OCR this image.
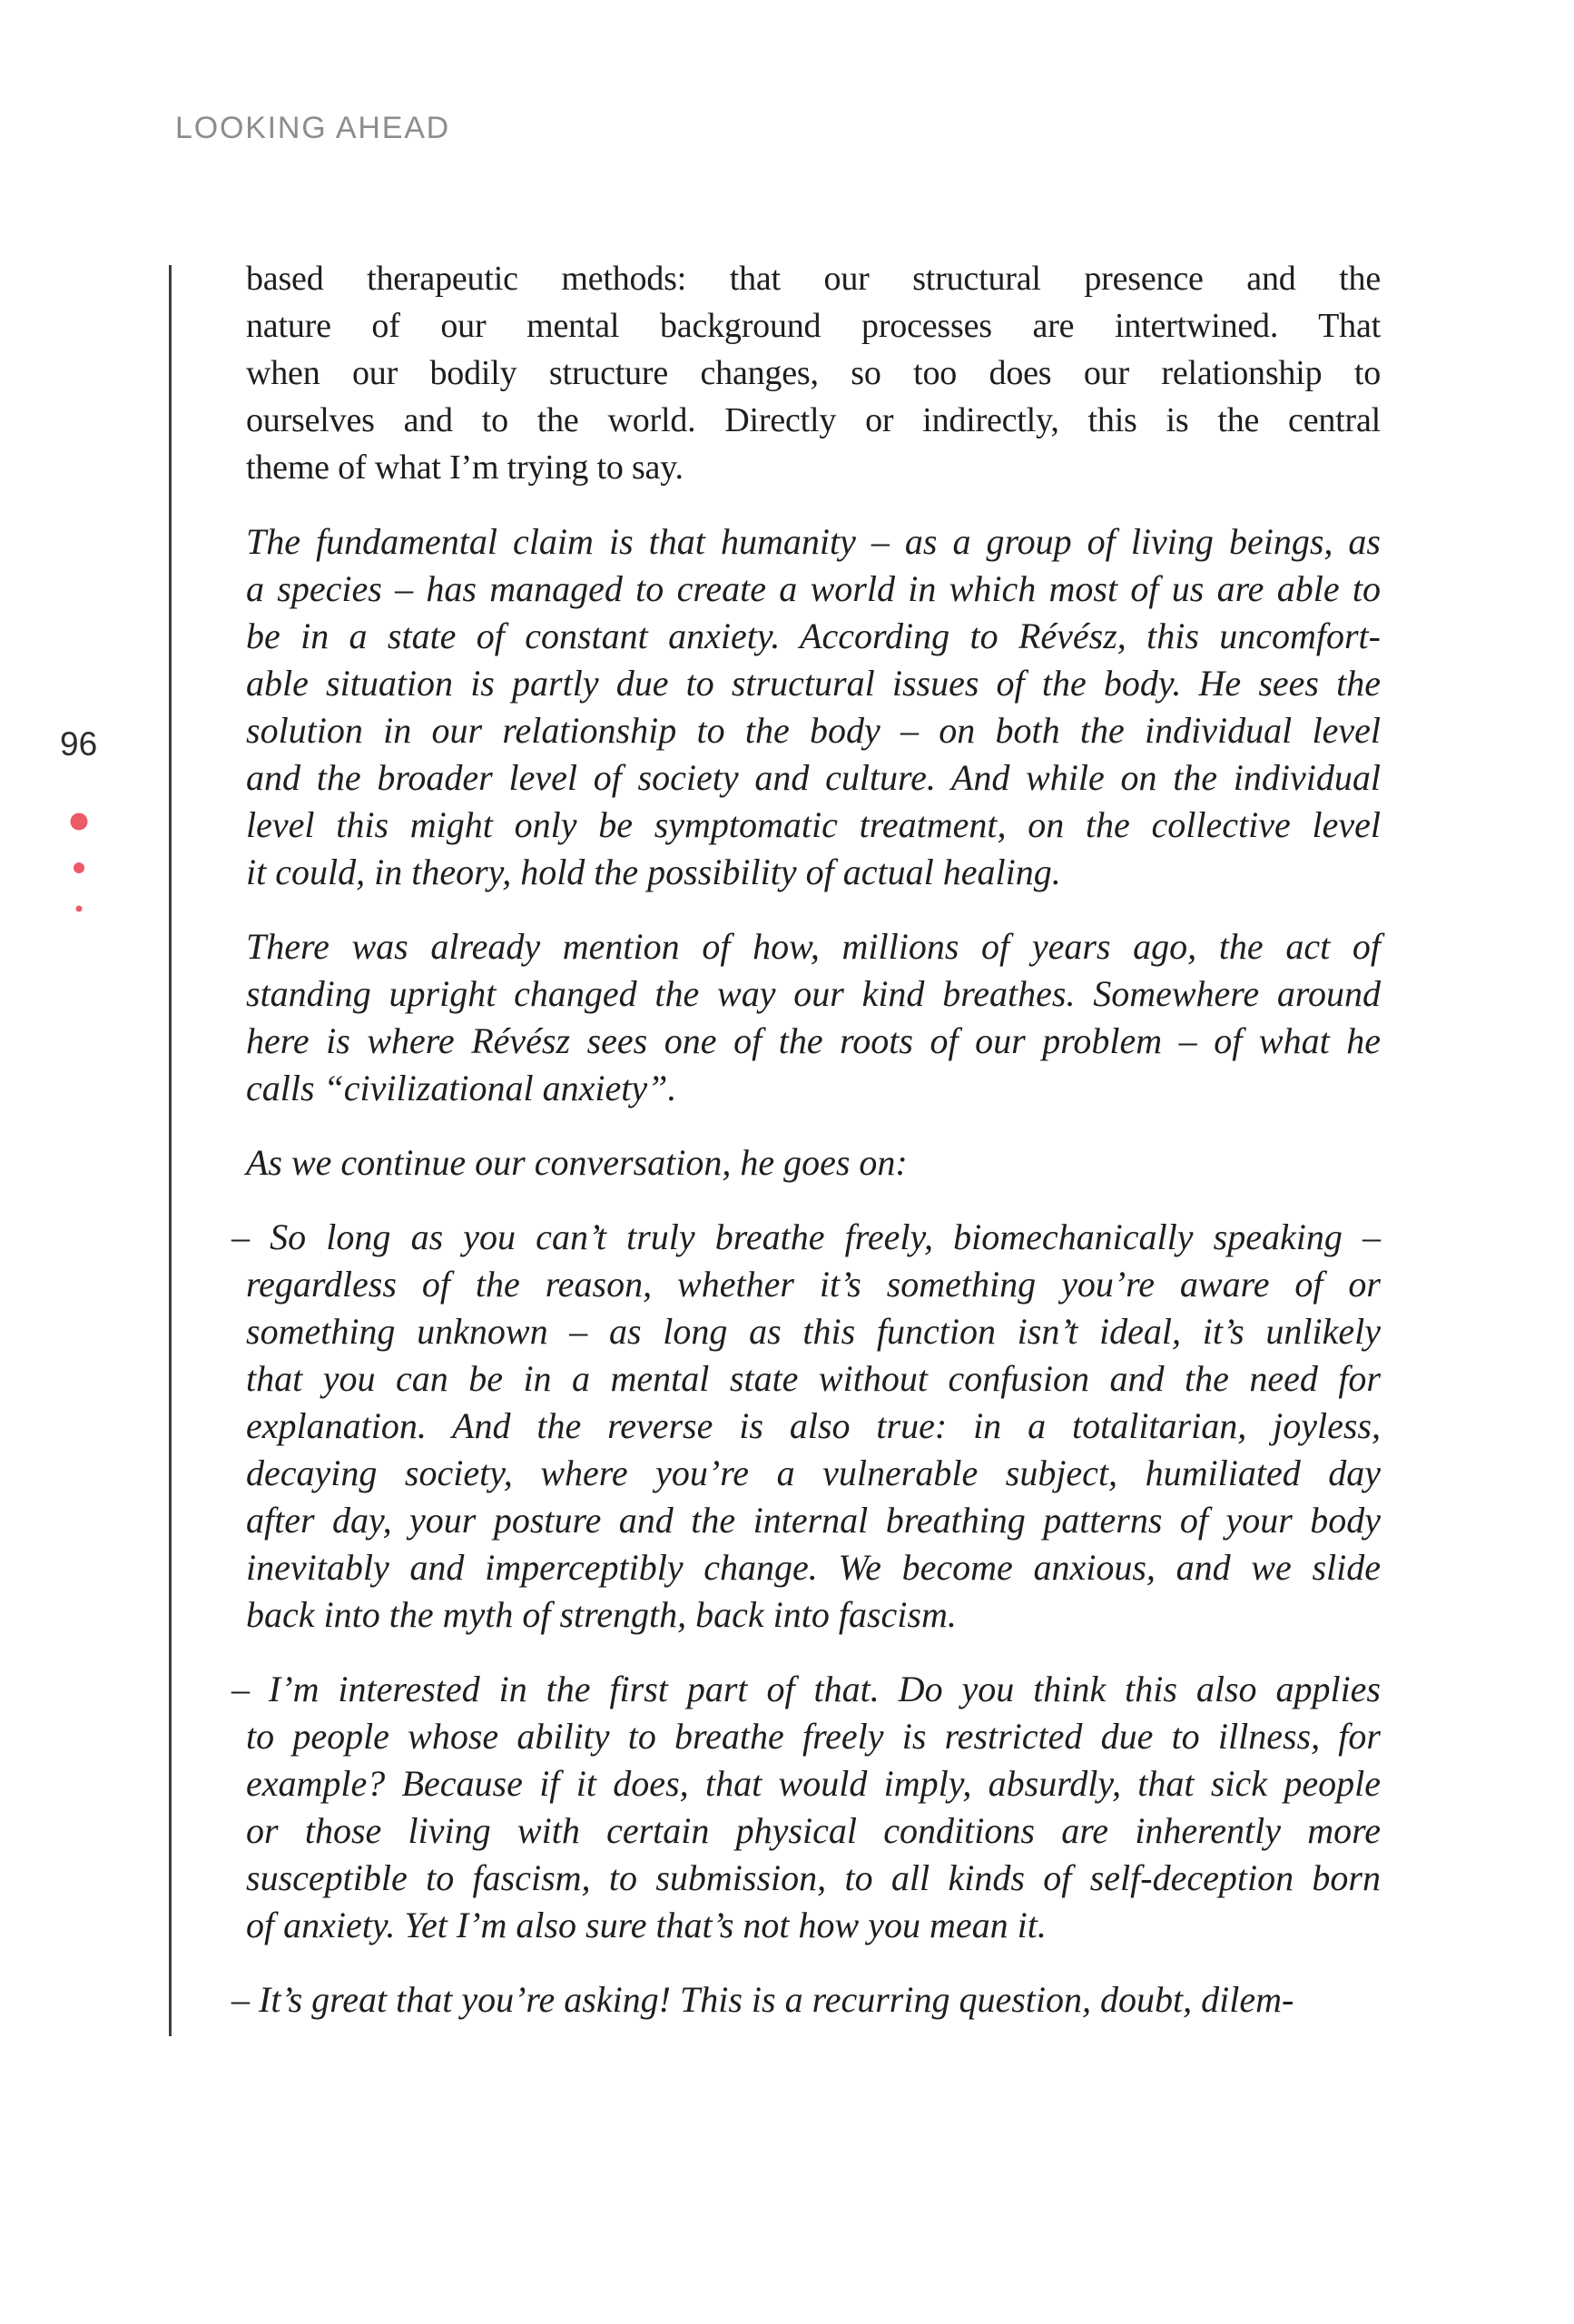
LOOKING AHEAD
96
based therapeutic methods: that our structural presence and the
nature of our mental background processes are intertwined. That
when our bodily structure changes, so too does our relationship to
ourselves and to the world. Directly or indirectly, this is the central
theme of what I’m trying to say.
The fundamental claim is that humanity – as a group of living beings, as
a species – has managed to create a world in which most of us are able to
be in a state of constant anxiety. According to Révész, this uncomfort-
able situation is partly due to structural issues of the body. He sees the
solution in our relationship to the body – on both the individual level
and the broader level of society and culture. And while on the individual
level this might only be symptomatic treatment, on the collective level
it could, in theory, hold the possibility of actual healing.
There was already mention of how, millions of years ago, the act of
standing upright changed the way our kind breathes. Somewhere around
here is where Révész sees one of the roots of our problem – of what he
calls “civilizational anxiety”.
As we continue our conversation, he goes on:
– So long as you can’t truly breathe freely, biomechanically speaking –
regardless of the reason, whether it’s something you’re aware of or
something unknown – as long as this function isn’t ideal, it’s unlikely
that you can be in a mental state without confusion and the need for
explanation. And the reverse is also true: in a totalitarian, joyless,
decaying society, where you’re a vulnerable subject, humiliated day
after day, your posture and the internal breathing patterns of your body
inevitably and imperceptibly change. We become anxious, and we slide
back into the myth of strength, back into fascism.
– I’m interested in the first part of that. Do you think this also applies
to people whose ability to breathe freely is restricted due to illness, for
example? Because if it does, that would imply, absurdly, that sick people
or those living with certain physical conditions are inherently more
susceptible to fascism, to submission, to all kinds of self-deception born
of anxiety. Yet I’m also sure that’s not how you mean it.
– It’s great that you’re asking! This is a recurring question, doubt, dilem-
